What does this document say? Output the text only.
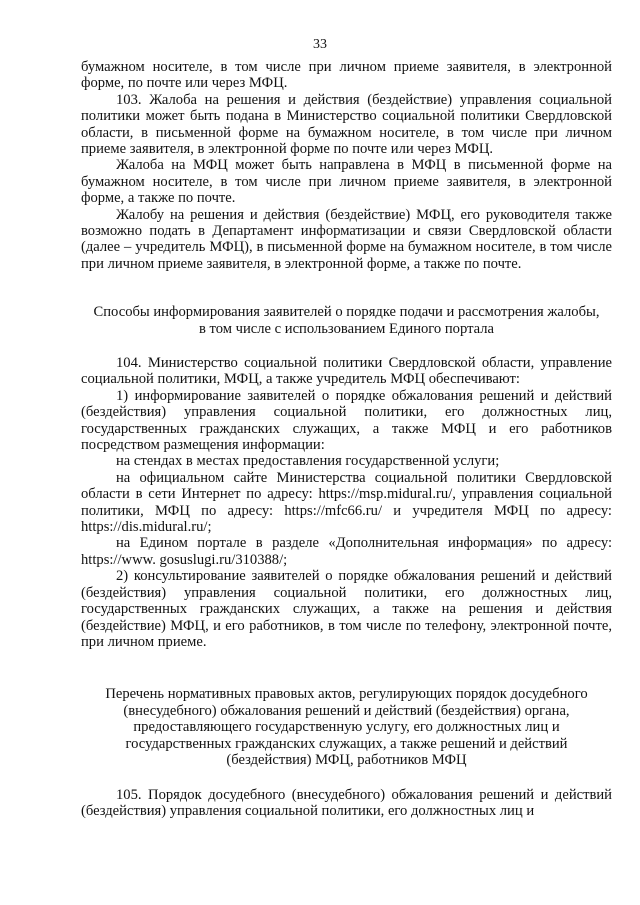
33

бумажном носителе, в том числе при личном приеме заявителя, в электронной форме, по почте или через МФЦ.

103. Жалоба на решения и действия (бездействие) управления социальной политики может быть подана в Министерство социальной политики Свердловской области, в письменной форме на бумажном носителе, в том числе при личном приеме заявителя, в электронной форме по почте или через МФЦ.

Жалоба на МФЦ может быть направлена в МФЦ в письменной форме на бумажном носителе, в том числе при личном приеме заявителя, в электронной форме, а также по почте.

Жалобу на решения и действия (бездействие) МФЦ, его руководителя также возможно подать в Департамент информатизации и связи Свердловской области (далее – учредитель МФЦ), в письменной форме на бумажном носителе, в том числе при личном приеме заявителя, в электронной форме, а также по почте.

Способы информирования заявителей о порядке подачи и рассмотрения жалобы,
в том числе с использованием Единого портала

104. Министерство социальной политики Свердловской области, управление социальной политики, МФЦ, а также учредитель МФЦ обеспечивают:

1) информирование заявителей о порядке обжалования решений и действий (бездействия) управления социальной политики, его должностных лиц, государственных гражданских служащих, а также МФЦ и его работников посредством размещения информации:

на стендах в местах предоставления государственной услуги;

на официальном сайте Министерства социальной политики Свердловской области в сети Интернет по адресу: https://msp.midural.ru/, управления социальной политики, МФЦ по адресу: https://mfc66.ru/ и учредителя МФЦ по адресу: https://dis.midural.ru/;

на Едином портале в разделе «Дополнительная информация» по адресу: https://www. gosuslugi.ru/310388/;

2) консультирование заявителей о порядке обжалования решений и действий (бездействия) управления социальной политики, его должностных лиц, государственных гражданских служащих, а также на решения и действия (бездействие) МФЦ, и его работников, в том числе по телефону, электронной почте, при личном приеме.

Перечень нормативных правовых актов, регулирующих порядок досудебного
(внесудебного) обжалования решений и действий (бездействия) органа,
предоставляющего государственную услугу, его должностных лиц и
государственных гражданских служащих, а также решений и действий
(бездействия) МФЦ, работников МФЦ

105. Порядок досудебного (внесудебного) обжалования решений и действий (бездействия) управления социальной политики, его должностных лиц и
